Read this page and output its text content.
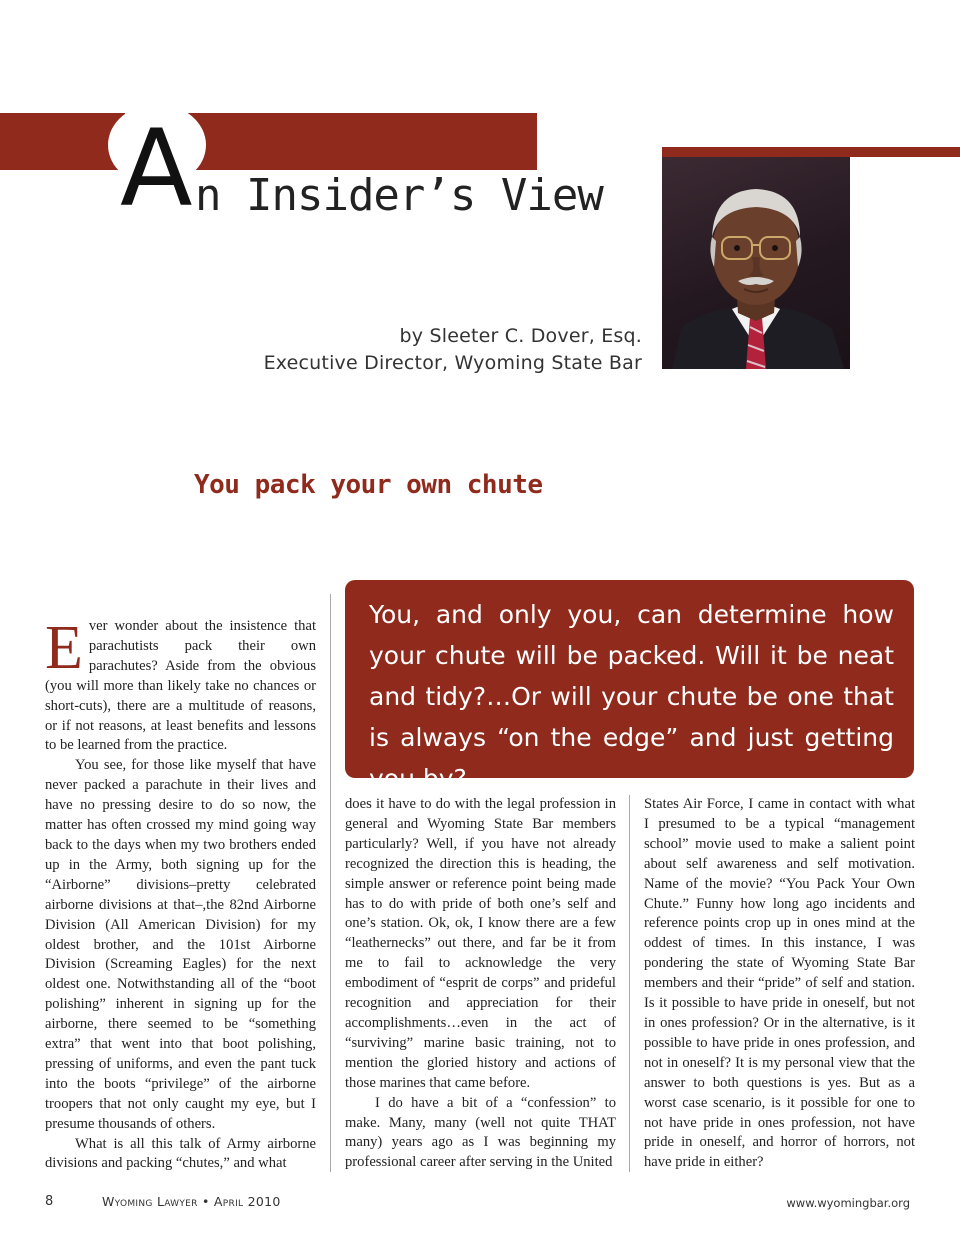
A n Insider’s View
by Sleeter C. Dover, Esq.
Executive Director, Wyoming State Bar
You pack your own chute
You, and only you, can determine how your chute will be packed. Will it be neat and tidy?…Or will your chute be one that is always “on the edge” and just getting you by?

Ever wonder about the insistence that parachutists pack their own parachutes? Aside from the obvious (you will more than likely take no chances or short-cuts), there are a multitude of reasons, or if not reasons, at least benefits and lessons to be learned from the practice.

You see, for those like myself that have never packed a parachute in their lives and have no pressing desire to do so now, the matter has often crossed my mind going way back to the days when my two brothers ended up in the Army, both signing up for the “Airborne” divisions–pretty celebrated airborne divisions at that–,the 82nd Airborne Division (All American Division) for my oldest brother, and the 101st Airborne Division (Screaming Eagles) for the next oldest one. Notwithstanding all of the “boot polishing” inherent in signing up for the airborne, there seemed to be “something extra” that went into that boot polishing, pressing of uniforms, and even the pant tuck into the boots “privilege” of the airborne troopers that not only caught my eye, but I presume thousands of others.

What is all this talk of Army airborne divisions and packing “chutes,” and what

does it have to do with the legal profession in general and Wyoming State Bar members particularly? Well, if you have not already recognized the direction this is heading, the simple answer or reference point being made has to do with pride of both one’s self and one’s station. Ok, ok, I know there are a few “leathernecks” out there, and far be it from me to fail to acknowledge the very embodiment of “esprit de corps” and prideful recognition and appreciation for their accomplishments…even in the act of “surviving” marine basic training, not to mention the gloried history and actions of those marines that came before.

I do have a bit of a “confession” to make. Many, many (well not quite THAT many) years ago as I was beginning my professional career after serving in the United

States Air Force, I came in contact with what I presumed to be a typical “management school” movie used to make a salient point about self awareness and self motivation. Name of the movie? “You Pack Your Own Chute.” Funny how long ago incidents and reference points crop up in ones mind at the oddest of times. In this instance, I was pondering the state of Wyoming State Bar members and their “pride” of self and station. Is it possible to have pride in oneself, but not in ones profession? Or in the alternative, is it possible to have pride in ones profession, and not in oneself? It is my personal view that the answer to both questions is yes. But as a worst case scenario, is it possible for one to not have pride in ones profession, not have pride in oneself, and horror of horrors, not have pride in either?

8	Wyoming Lawyer • April 2010	www.wyomingbar.org
